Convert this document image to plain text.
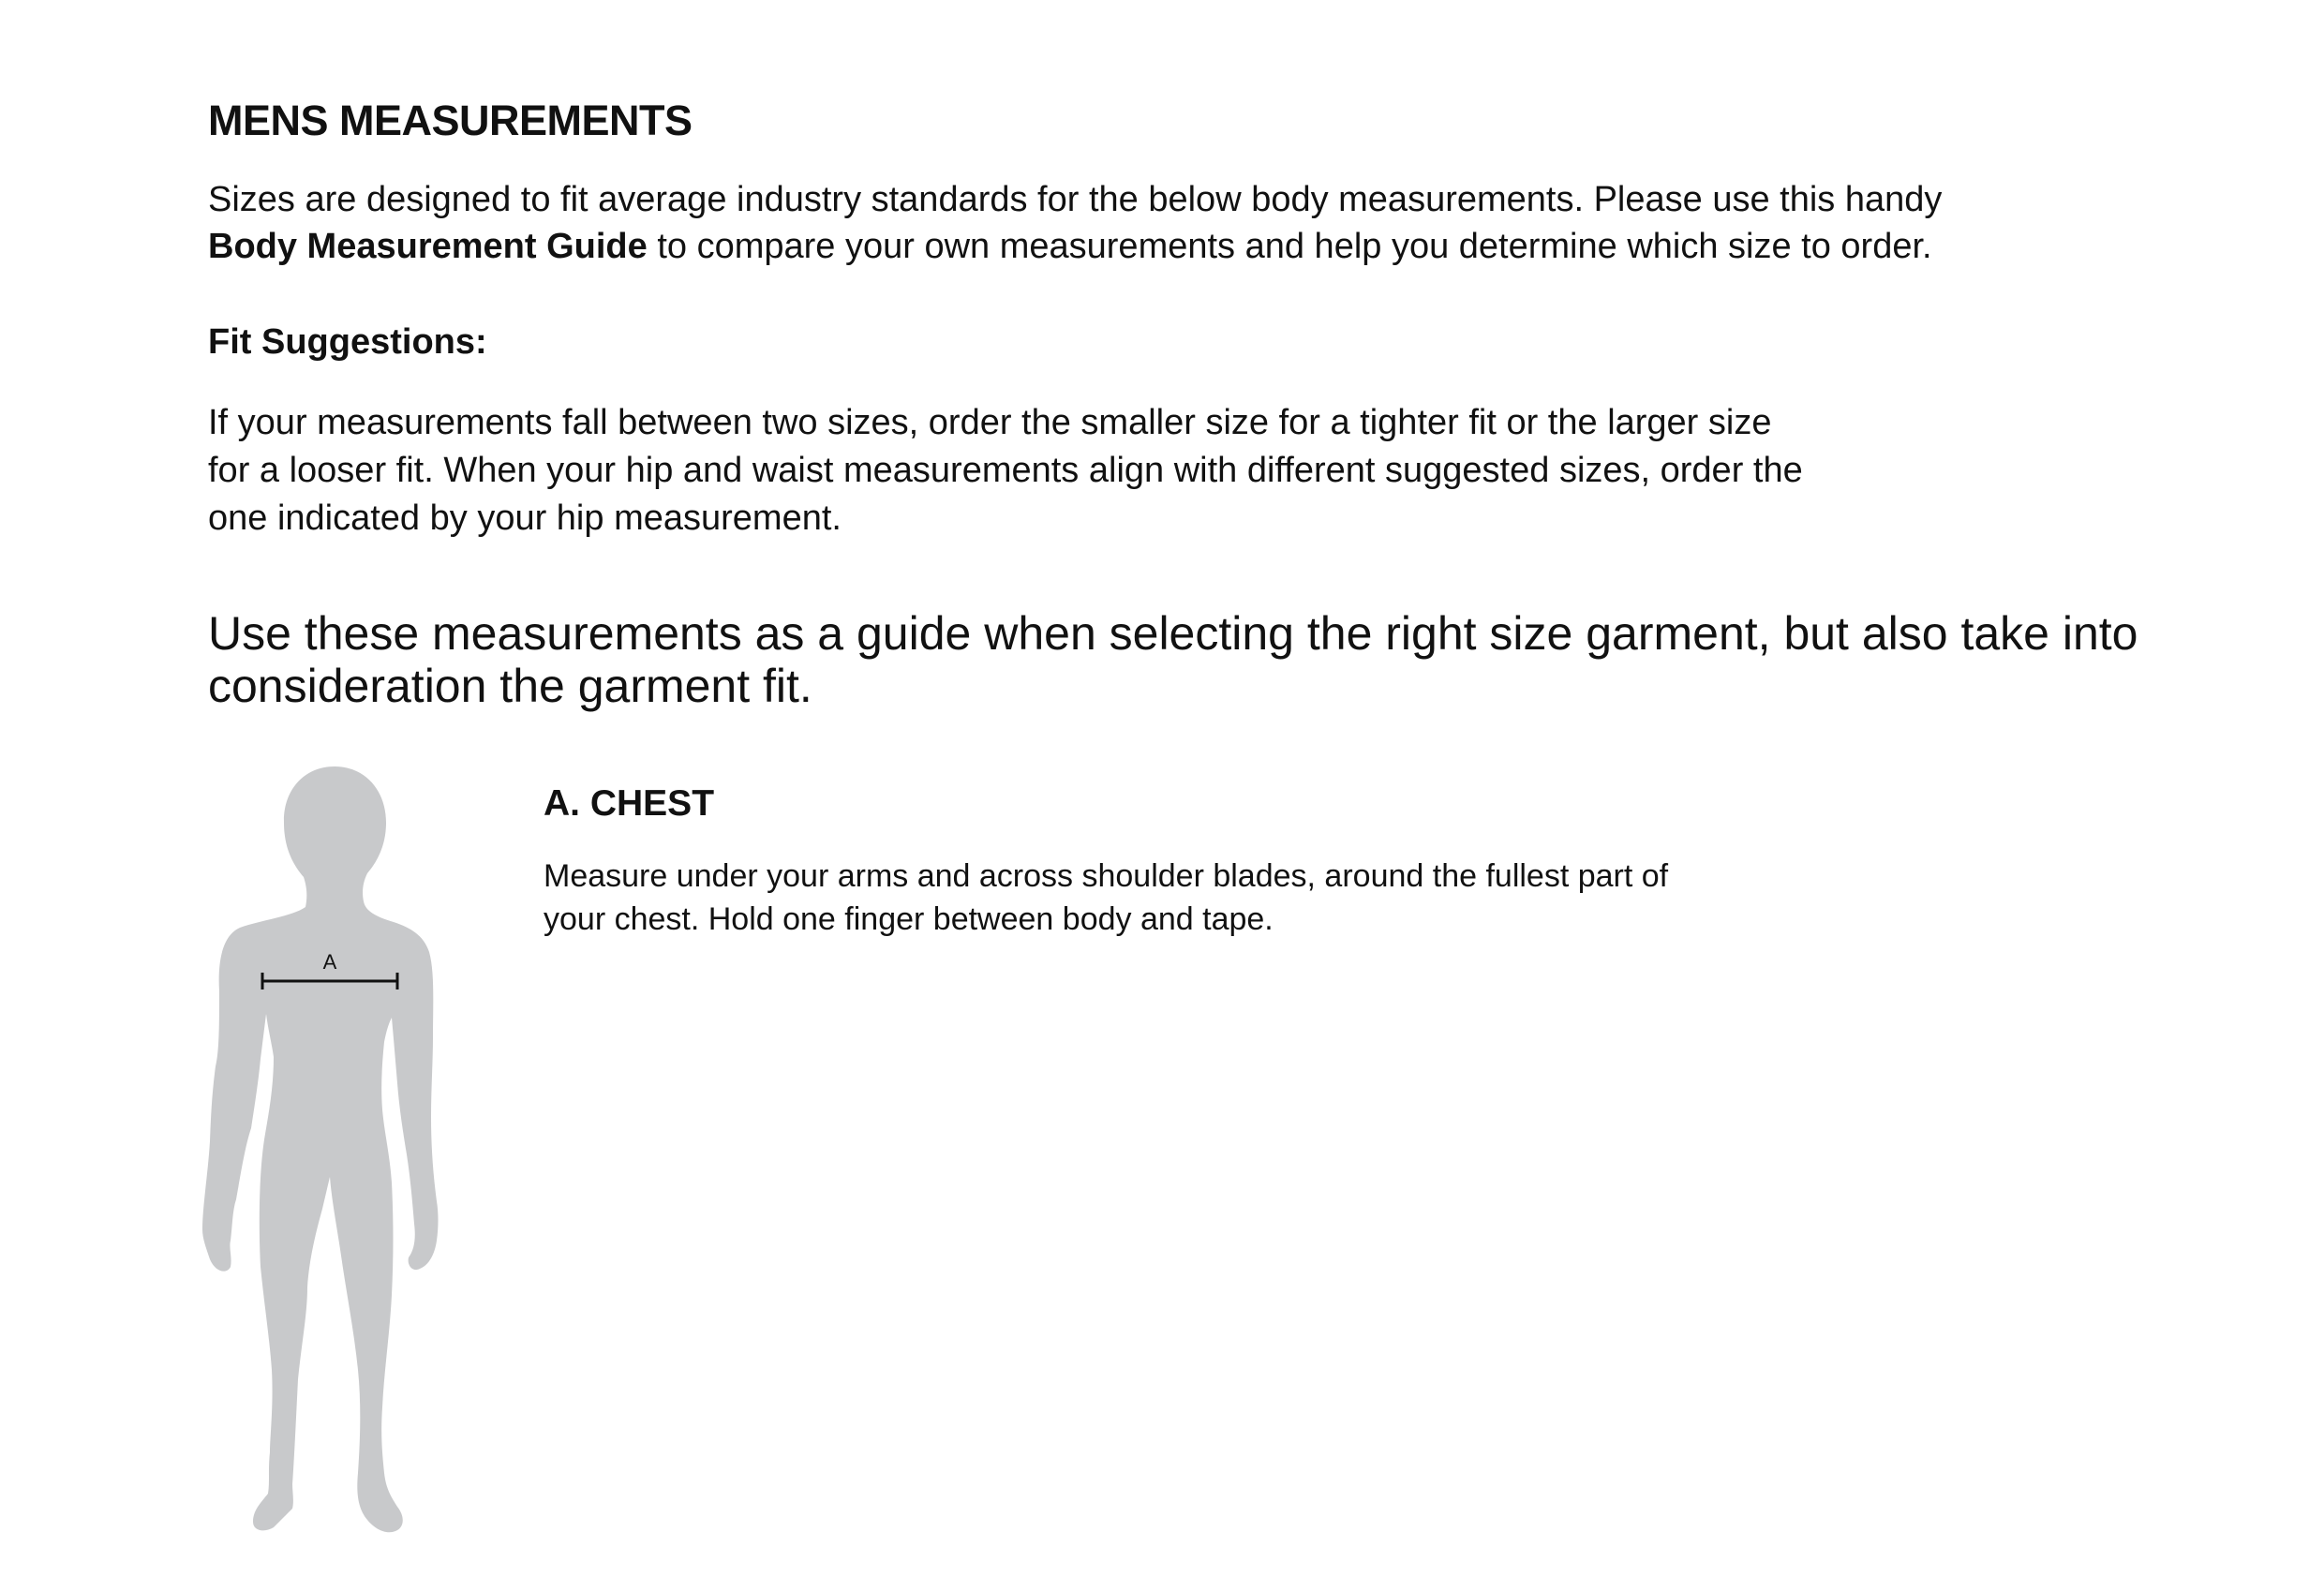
MENS MEASUREMENTS

Sizes are designed to fit average industry standards for the below body measurements. Please use this handy
Body Measurement Guide to compare your own measurements and help you determine which size to order.

Fit Suggestions:

If your measurements fall between two sizes, order the smaller size for a tighter fit or the larger size
for a looser fit. When your hip and waist measurements align with different suggested sizes, order the
one indicated by your hip measurement.

Use these measurements as a guide when selecting the right size garment, but also take into
consideration the garment fit.

A
A. CHEST

Measure under your arms and across shoulder blades, around the fullest part of
your chest. Hold one finger between body and tape.
